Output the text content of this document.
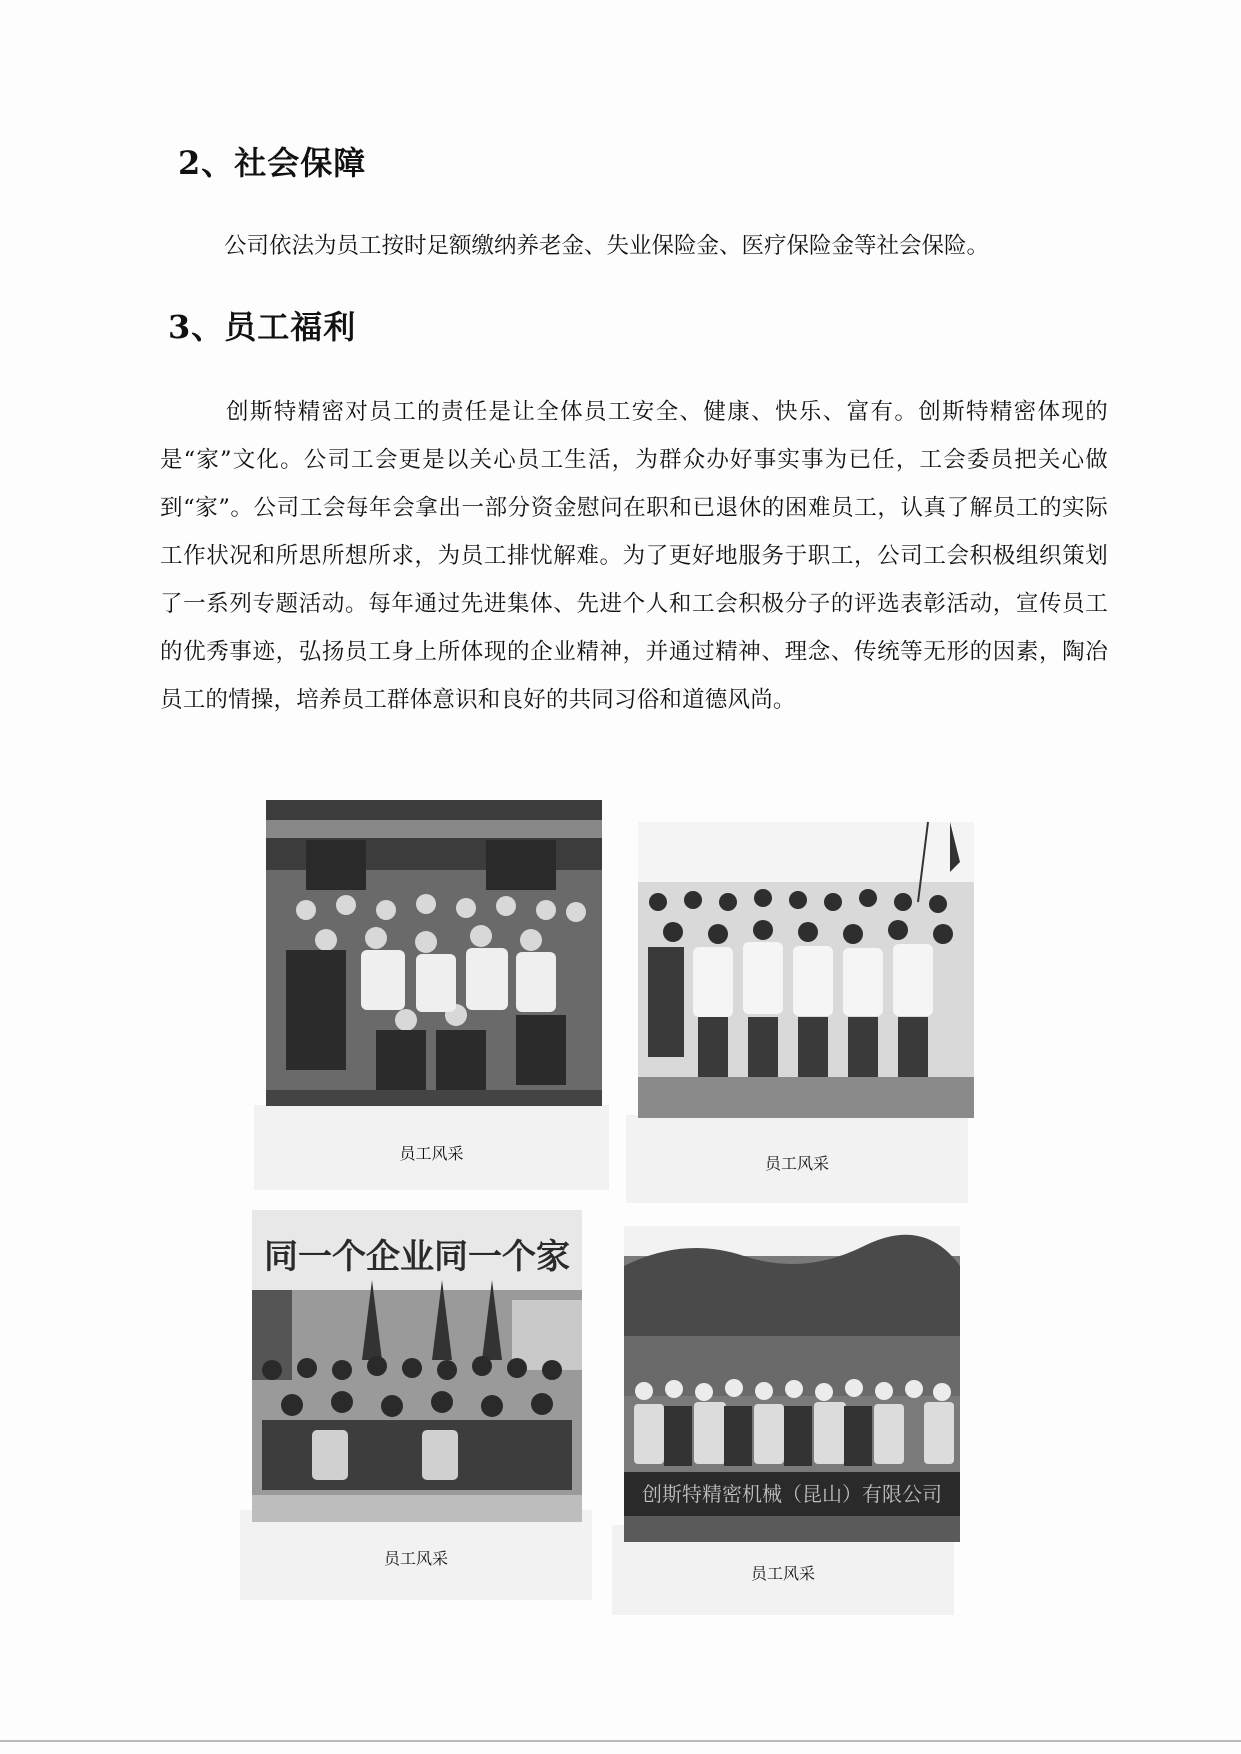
2、社会保障
公司依法为员工按时足额缴纳养老金、失业保险金、医疗保险金等社会保险。
3、员工福利
创斯特精密对员工的责任是让全体员工安全、健康、快乐、富有。创斯特精密体现的是“家”文化。公司工会更是以关心员工生活，为群众办好事实事为已任，工会委员把关心做到“家”。公司工会每年会拿出一部分资金慰问在职和已退休的困难员工，认真了解员工的实际工作状况和所思所想所求，为员工排忧解难。为了更好地服务于职工，公司工会积极组织策划了一系列专题活动。每年通过先进集体、先进个人和工会积极分子的评选表彰活动，宣传员工的优秀事迹，弘扬员工身上所体现的企业精神，并通过精神、理念、传统等无形的因素，陶冶员工的情操，培养员工群体意识和良好的共同习俗和道德风尚。
员工风采
员工风采
员工风采
同一个企业同一个家
员工风采
创斯特精密机械（昆山）有限公司
